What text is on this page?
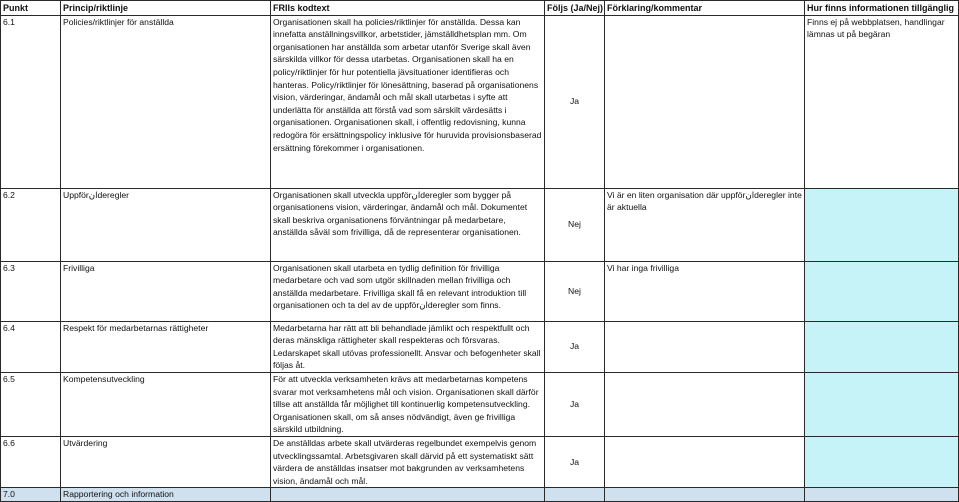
Punkt	Princip/riktlinje	FRIIs kodtext	Följs (Ja/Nej)	Förklaring/kommentar	Hur finns informationen tillgänglig
6.1	Policies/riktlinjer för anställda	Organisationen skall ha policies/riktlinjer för anställda. Dessa kan innefatta anställningsvillkor, arbetstider, jämställdhetsplan mm. Om organisationen har anställda som arbetar utanför Sverige skall även särskilda villkor för dessa utarbetas. Organisationen skall ha en policy/riktlinjer för hur potentiella jävsituationer identifieras och hanteras. Policy/riktlinjer för lönesättning, baserad på organisationens vision, värderingar, ändamål och mål skall utarbetas i syfte att underlätta för anställda att förstå vad som särskilt värdesätts i organisationen. Organisationen skall, i offentlig redovisning, kunna redogöra för ersättningspolicy inklusive för huruvida provisionsbaserad ersättning förekommer i organisationen.	Ja		Finns ej på webbplatsen, handlingar lämnas ut på begäran
6.2	Uppförانderegler	Organisationen skall utveckla uppförانderegler som bygger på organisationens vision, värderingar, ändamål och mål. Dokumentet skall beskriva organisationens förväntningar på medarbetare, anställda såväl som frivilliga, då de representerar organisationen.	Nej	Vi är en liten organisation där uppförانderegler inte är aktuella	
6.3	Frivilliga	Organisationen skall utarbeta en tydlig definition för frivilliga medarbetare och vad som utgör skillnaden mellan frivilliga och anställda medarbetare. Frivilliga skall få en relevant introduktion till organisationen och ta del av de uppförانderegler som finns.	Nej	Vi har inga frivilliga	
6.4	Respekt för medarbetarnas rättigheter	Medarbetarna har rätt att bli behandlade jämlikt och respektfullt och deras mänskliga rättigheter skall respekteras och försvaras. Ledarskapet skall utövas professionellt. Ansvar och befogenheter skall följas åt.	Ja		
6.5	Kompetensutveckling	För att utveckla verksamheten krävs att medarbetarnas kompetens svarar mot verksamhetens mål och vision. Organisationen skall därför tillse att anställda får möjlighet till kontinuerlig kompetensutveckling. Organisationen skall, om så anses nödvändigt, även ge frivilliga särskild utbildning.	Ja		
6.6	Utvärdering	De anställdas arbete skall utvärderas regelbundet exempelvis genom utvecklingssamtal. Arbetsgivaren skall därvid på ett systematiskt sätt värdera de anställdas insatser mot bakgrunden av verksamhetens vision, ändamål och mål.	Ja		
7.0	Rapportering och information				
